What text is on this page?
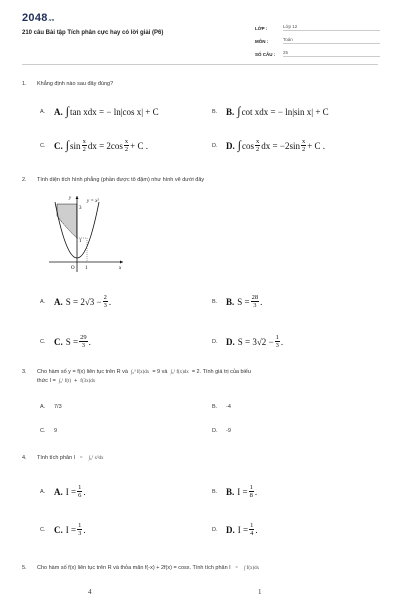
2048.vn
210 câu Bài tập Tích phân cực hay có lời giải (P6)
LỚP :	Lớp 12
MÔN :	Toán
SỐ CÂU :	25
1.	Khẳng định nào sau đây đúng?
A. A. ∫ tan xdx = − ln|cos x| + C	B. B. ∫ cot xdx = − ln|sin x| + C
C. C. ∫ $\sin \frac{x}{2}$ dx = $2\cos \frac{x}{2} + C$ .	D. D. ∫ $\cos \frac{x}{2}$ dx = $-2\sin \frac{x}{2} + C$ .
2.	Tính diện tích hình phẳng (phần được tô đậm) như hình vẽ dưới đây
y
x
y = x²
3
1
O 1
A. A. $S = 2√3 - \frac{2}{3}$ .	B. B. $S = \frac{28}{3}$ .
C. C. $S = \frac{29}{3}$ .	D. D. $S = 3√2 - \frac{1}{3}$ .
3.	Cho hàm số y = f(x) liên tục trên R và ∫₀³ f(x)dx = 9 và ∫₀¹ f(x)dx = 2. Tính giá trị của biểu
thức I = ∫₀¹ f(t) + f(3x)dx
A.	7/3	B.	-4
C.	9	D.	-9
4.	Tính tích phân I = ∫₀¹ x²dx
A. A. $I = \frac{1}{6}$ .	B. B. $I = \frac{1}{8}$ .
C. C. $I = \frac{1}{3}$ .	D. D. $I = \frac{1}{4}$ .
5.	Cho hàm số f(x) liên tục trên R và thỏa mãn f(-x) + 2f(x) = cosx. Tính tích phân I = ∫ f(x)dx
4	1
